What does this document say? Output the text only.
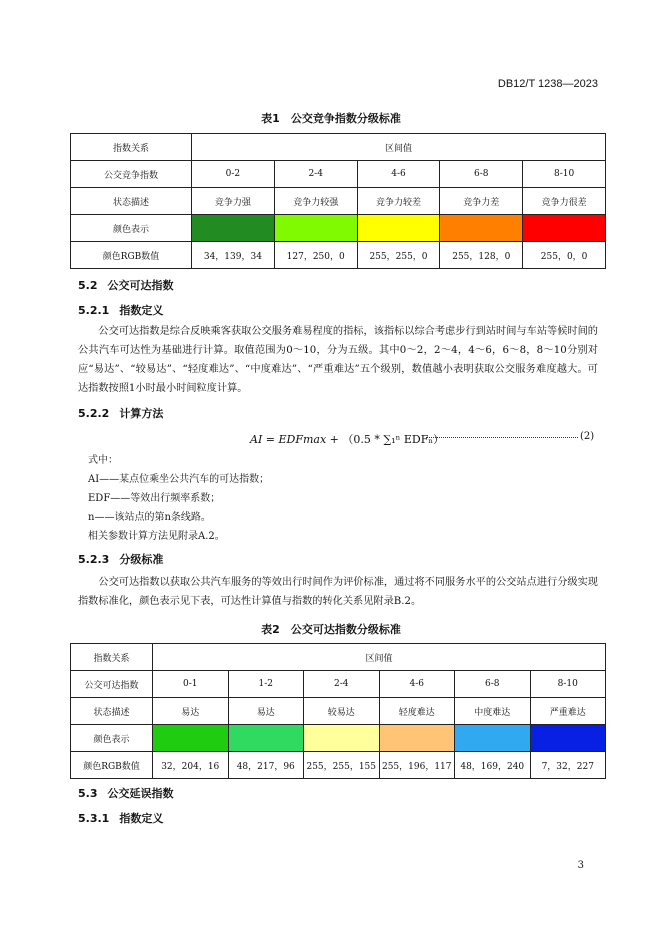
DB12/T 1238—2023
表1　公交竞争指数分级标准
指数关系	区间值				
公交竞争指数	0-2	2-4	4-6	6-8	8-10
状态描述	竞争力强	竞争力较强	竞争力较差	竞争力差	竞争力很差
颜色表示	

颜色RGB数值	34，139，34	127，250，0	255，255，0	255，128，0	255，0，0
5.2 公交可达指数
5.2.1 指数定义
公交可达指数是综合反映乘客获取公交服务难易程度的指标，该指标以综合考虑步行到站时间与车站等候时间的公共汽车可达性为基础进行计算。取值范围为0～10，分为五级。其中0～2，2～4，4～6，6～8，8～10分别对应“易达”、“较易达”、“轻度难达”、“中度难达”、“严重难达”五个级别，数值越小表明获取公交服务难度越大。可达指数按照1小时最小时间粒度计算。
5.2.2 计算方法
AI = EDFmax + （0.5 * ∑₁ⁿ EDFₙ）	(2)
式中：
AI——某点位乘坐公共汽车的可达指数；
EDF——等效出行频率系数；
n——该站点的第n条线路。
相关参数计算方法见附录A.2。
5.2.3 分级标准
公交可达指数以获取公共汽车服务的等效出行时间作为评价标准，通过将不同服务水平的公交站点进行分级实现指数标准化，颜色表示见下表，可达性计算值与指数的转化关系见附录B.2。
表2　公交可达指数分级标准
指数关系	区间值					
公交可达指数	0-1	1-2	2-4	4-6	6-8	8-10
状态描述	易达	易达	较易达	轻度难达	中度难达	严重难达
颜色表示	

颜色RGB数值	32，204，16	48，217，96	255，255，155	255，196，117	48，169，240	7，32，227
5.3 公交延误指数
5.3.1 指数定义
3
